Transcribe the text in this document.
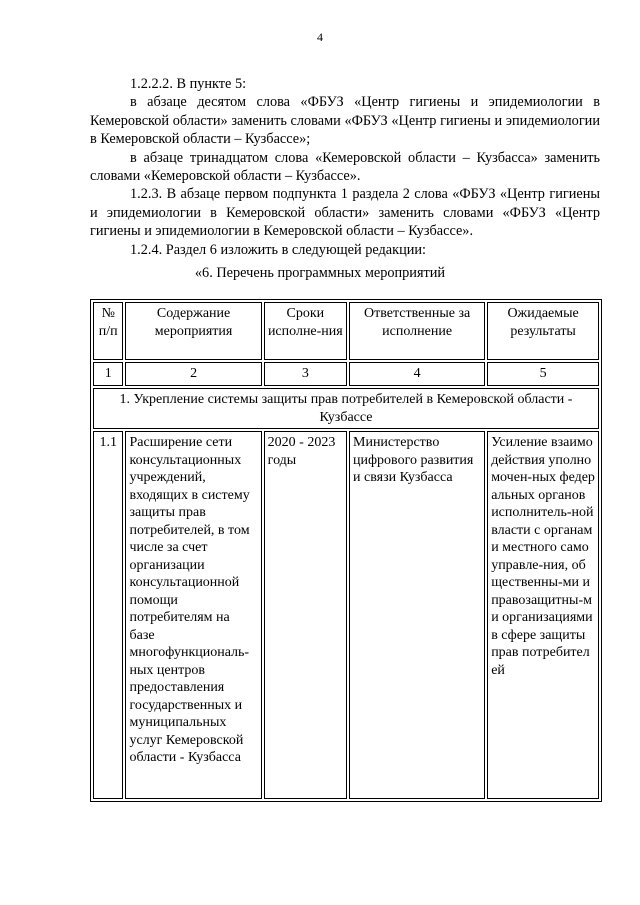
4

1.2.2.2. В пункте 5:

в абзаце десятом слова «ФБУЗ «Центр гигиены и эпидемиологии в Кемеровской области» заменить словами «ФБУЗ «Центр гигиены и эпидемиологии в Кемеровской области – Кузбассе»;

в абзаце тринадцатом слова «Кемеровской области – Кузбасса» заменить словами «Кемеровской области – Кузбассе».

1.2.3. В абзаце первом подпункта 1 раздела 2 слова «ФБУЗ «Центр гигиены и эпидемиологии в Кемеровской области» заменить словами «ФБУЗ «Центр гигиены и эпидемиологии в Кемеровской области – Кузбассе».

1.2.4. Раздел 6 изложить в следующей редакции:

«6. Перечень программных мероприятий
№ п/п	Содержание мероприятия	Сроки исполне-ния	Ответственные за исполнение	Ожидаемые результаты
1	2	3	4	5
1. Укрепление системы защиты прав потребителей в Кемеровской области - Кузбассе				
1.1	Расширение сети консультационных учреждений, входящих в систему защиты прав потребителей, в том числе за счет организации консультационной помощи потребителям на базе многофункциональ-ных центров предоставления государственных и муниципальных услуг Кемеровской области - Кузбасса	2020 - 2023 годы	Министерство цифрового развития и связи Кузбасса	Усиление взаимодействия уполномочен-ных федеральных органов исполнитель-ной власти с органами местного самоуправле-ния, общественны-ми и правозащитны-ми организациями в сфере защиты прав потребителей
